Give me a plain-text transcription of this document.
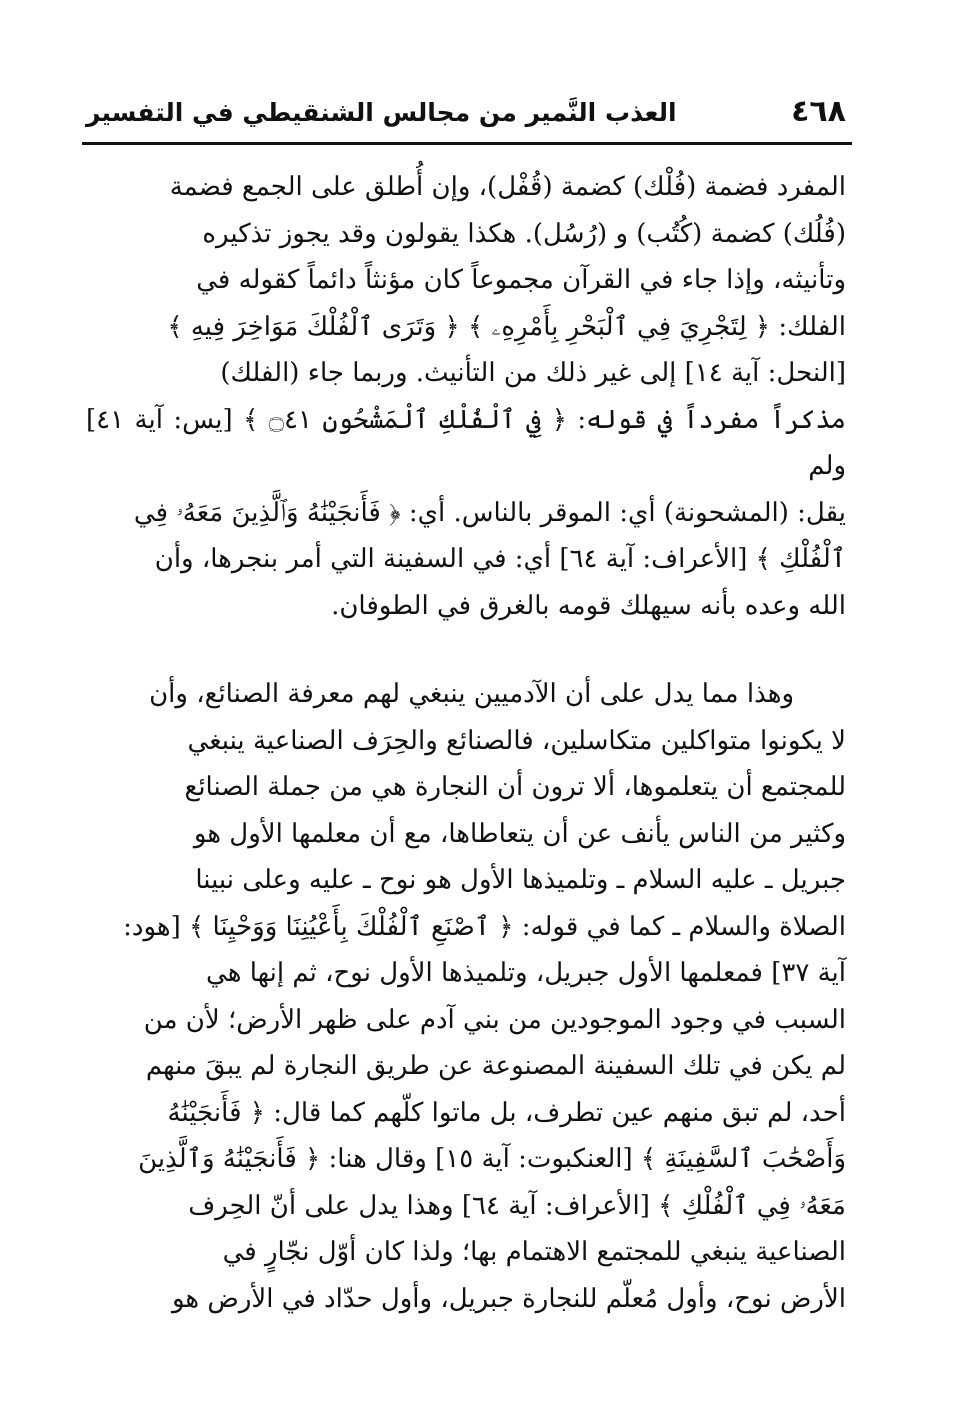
٤٦٨
العذب النَّمير من مجالس الشنقيطي في التفسير

المفرد فضمة (فُلْك) كضمة (قُفْل)، وإن أُطلق على الجمع فضمة

(فُلُك) كضمة (كُتُب) و (رُسُل). هكذا يقولون وقد يجوز تذكيره

وتأنيثه، وإذا جاء في القرآن مجموعاً كان مؤنثاً دائماً كقوله في

الفلك: ﴿ لِتَجْرِيَ فِي ٱلْبَحْرِ بِأَمْرِهِۦ ﴾ ﴿ وَتَرَى ٱلْفُلْكَ مَوَاخِرَ فِيهِ ﴾

[النحل: آية ١٤] إلى غير ذلك من التأنيث. وربما جاء (الفلك)

مذكراً مفرداً في قوله: ﴿ فِي ٱلْفُلْكِ ٱلْمَشْحُونِ ۝٤١ ﴾ [يس: آية ٤١] ولم

يقل: (المشحونة) أي: الموقر بالناس. أي: ﴿ فَأَنجَيْنَٰهُ وَٱلَّذِينَ مَعَهُۥ فِي

ٱلْفُلْكِ ﴾ [الأعراف: آية ٦٤] أي: في السفينة التي أمر بنجرها، وأن

الله وعده بأنه سيهلك قومه بالغرق في الطوفان.

وهذا مما يدل على أن الآدميين ينبغي لهم معرفة الصنائع، وأن

لا يكونوا متواكلين متكاسلين، فالصنائع والحِرَف الصناعية ينبغي

للمجتمع أن يتعلموها، ألا ترون أن النجارة هي من جملة الصنائع

وكثير من الناس يأنف عن أن يتعاطاها، مع أن معلمها الأول هو

جبريل ـ عليه السلام ـ وتلميذها الأول هو نوح ـ عليه وعلى نبينا

الصلاة والسلام ـ كما في قوله: ﴿ ٱصْنَعِ ٱلْفُلْكَ بِأَعْيُنِنَا وَوَحْيِنَا ﴾ [هود:

آية ٣٧] فمعلمها الأول جبريل، وتلميذها الأول نوح، ثم إنها هي

السبب في وجود الموجودين من بني آدم على ظهر الأرض؛ لأن من

لم يكن في تلك السفينة المصنوعة عن طريق النجارة لم يبقَ منهم

أحد، لم تبق منهم عين تطرف، بل ماتوا كلّهم كما قال: ﴿ فَأَنجَيْنَٰهُ

وَأَصْحَٰبَ ٱلسَّفِينَةِ ﴾ [العنكبوت: آية ١٥] وقال هنا: ﴿ فَأَنجَيْنَٰهُ وَٱلَّذِينَ

مَعَهُۥ فِي ٱلْفُلْكِ ﴾ [الأعراف: آية ٦٤] وهذا يدل على أنّ الحِرف

الصناعية ينبغي للمجتمع الاهتمام بها؛ ولذا كان أوّل نجّارٍ في

الأرض نوح، وأول مُعلّم للنجارة جبريل، وأول حدّاد في الأرض هو
